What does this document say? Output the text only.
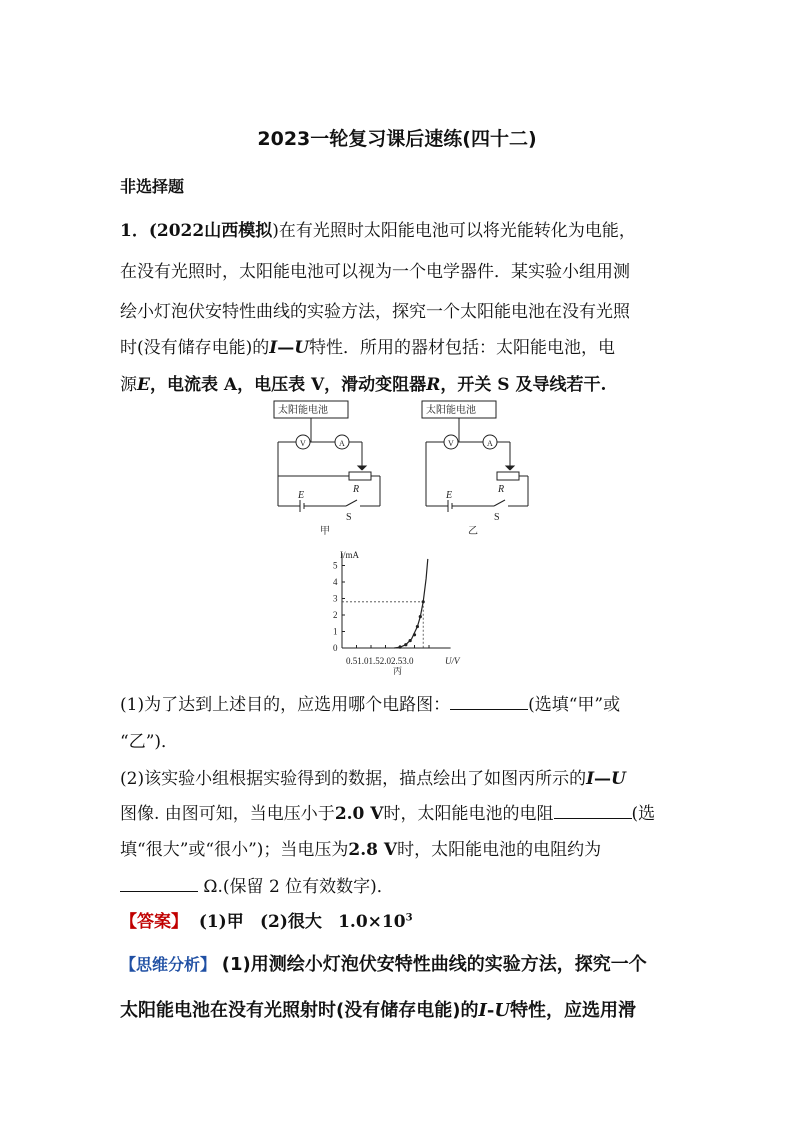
2023一轮复习课后速练(四十二)
非选择题
1．(2022山西模拟)在有光照时太阳能电池可以将光能转化为电能，
在没有光照时，太阳能电池可以视为一个电学器件．某实验小组用测
绘小灯泡伏安特性曲线的实验方法，探究一个太阳能电池在没有光照
时(没有储存电能)的I—U特性．所用的器材包括：太阳能电池，电
源E，电流表 A，电压表 V，滑动变阻器R，开关 S 及导线若干.
太阳能电池
V	A
R
E
S
甲
太阳能电池
V	A
R
E
S
乙
0
1
2
3
4
5
0.51.01.52.02.53.0
I/mA
U/V
丙
(1)为了达到上述目的，应选用哪个电路图：	(选填“甲”或
“乙”)．
(2)该实验小组根据实验得到的数据，描点绘出了如图丙所示的I—U
图像. 由图可知，当电压小于2.0 V时，太阳能电池的电阻	(选
填“很大”或“很小”)；当电压为2.8 V时，太阳能电池的电阻约为
Ω.(保留 2 位有效数字)．
【答案】 (1)甲 (2)很大 $1.0\times 10^3$
【思维分析】 (1)用测绘小灯泡伏安特性曲线的实验方法，探究一个
太阳能电池在没有光照射时(没有储存电能)的I-U特性，应选用滑
